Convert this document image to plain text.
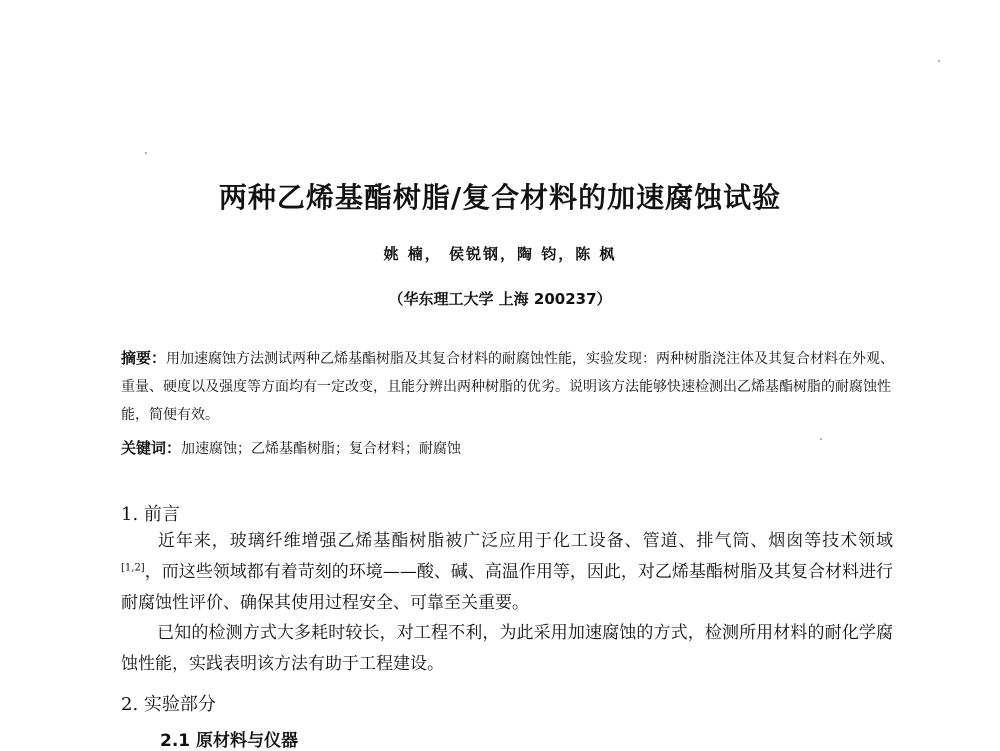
两种乙烯基酯树脂/复合材料的加速腐蚀试验
姚 楠， 侯锐钢，陶 钧，陈 枫
（华东理工大学 上海 200237）
摘要：用加速腐蚀方法测试两种乙烯基酯树脂及其复合材料的耐腐蚀性能，实验发现：两种树脂浇注体及其复合材料在外观、重量、硬度以及强度等方面均有一定改变，且能分辨出两种树脂的优劣。说明该方法能够快速检测出乙烯基酯树脂的耐腐蚀性能，简便有效。
关键词：加速腐蚀；乙烯基酯树脂；复合材料；耐腐蚀
1. 前言
近年来，玻璃纤维增强乙烯基酯树脂被广泛应用于化工设备、管道、排气筒、烟囱等技术领域[1,2]，而这些领域都有着苛刻的环境——酸、碱、高温作用等，因此，对乙烯基酯树脂及其复合材料进行耐腐蚀性评价、确保其使用过程安全、可靠至关重要。
已知的检测方式大多耗时较长，对工程不利，为此采用加速腐蚀的方式，检测所用材料的耐化学腐蚀性能，实践表明该方法有助于工程建设。
2. 实验部分
2.1 原材料与仪器
